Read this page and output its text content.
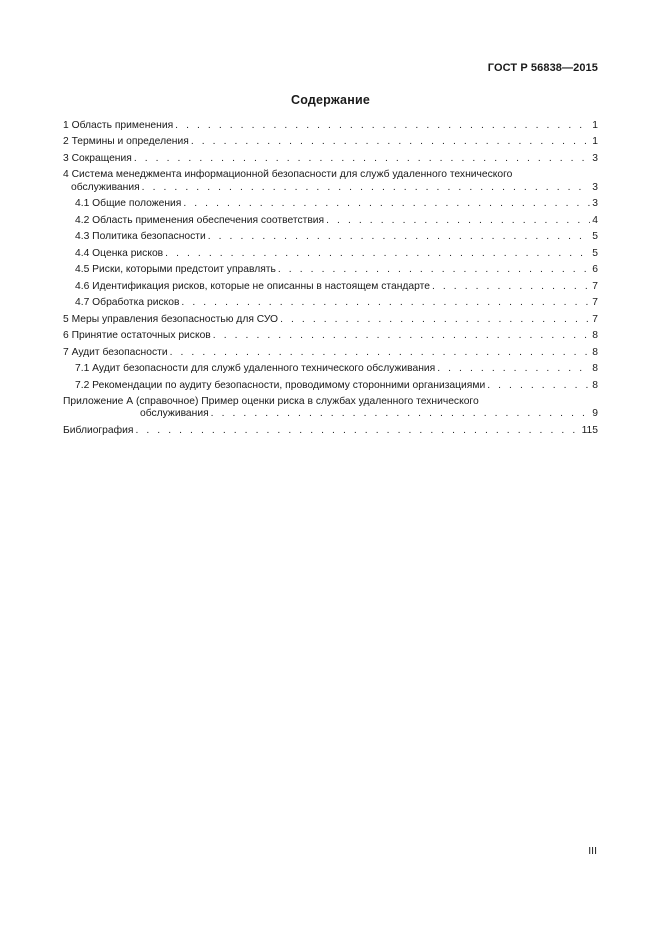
ГОСТ Р 56838—2015
Содержание
1 Область применения . . .	1
2 Термины и определения . . .	1
3 Сокращения . . .	3
4 Система менеджмента информационной безопасности для служб удаленного технического
обслуживания . . .	3
4.1 Общие положения . . .	3
4.2 Область применения обеспечения соответствия . . .	4
4.3 Политика безопасности . . .	5
4.4 Оценка рисков . . .	5
4.5 Риски, которыми предстоит управлять . . .	6
4.6 Идентификация рисков, которые не описанны в настоящем стандарте . . .	7
4.7 Обработка рисков . . .	7
5 Меры управления безопасностью для СУО . . .	7
6 Принятие остаточных рисков . . .	8
7 Аудит безопасности . . .	8
7.1 Аудит безопасности для служб удаленного технического обслуживания . . .	8
7.2 Рекомендации по аудиту безопасности, проводимому сторонними организациями . . .	8
Приложение А (справочное) Пример оценки риска в службах удаленного технического
обслуживания . . .	9
Библиография . . .	115
III
